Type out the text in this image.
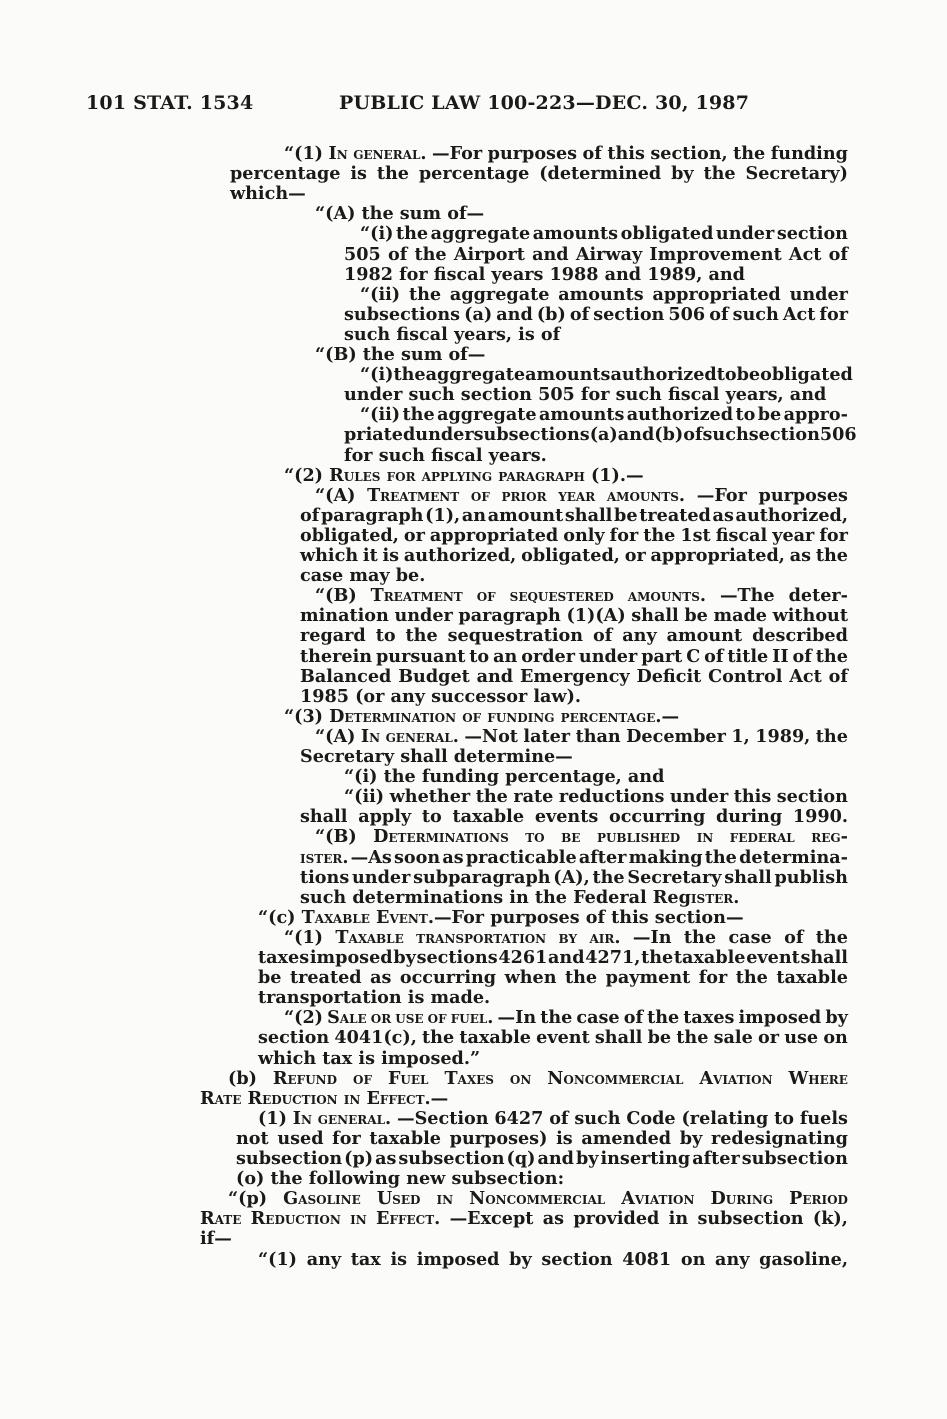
101 STAT. 1534	PUBLIC LAW 100-223—DEC. 30, 1987
“(1) In general. —For purposes of this section, the funding
percentage is the percentage (determined by the Secretary)
which—
“(A) the sum of—
“(i) the aggregate amounts obligated under section
505 of the Airport and Airway Improvement Act of
1982 for fiscal years 1988 and 1989, and
“(ii) the aggregate amounts appropriated under
subsections (a) and (b) of section 506 of such Act for
such fiscal years, is of
“(B) the sum of—
“(i) the aggregate amounts authorized to be obligated
under such section 505 for such fiscal years, and
“(ii) the aggregate amounts authorized to be appro-
priated under subsections (a) and (b) of such section 506
for such fiscal years.
“(2) Rules for applying paragraph (1).—
“(A) Treatment of prior year amounts. —For purposes
of paragraph (1), an amount shall be treated as authorized,
obligated, or appropriated only for the 1st fiscal year for
which it is authorized, obligated, or appropriated, as the
case may be.
“(B) Treatment of sequestered amounts. —The deter-
mination under paragraph (1)(A) shall be made without
regard to the sequestration of any amount described
therein pursuant to an order under part C of title II of the
Balanced Budget and Emergency Deficit Control Act of
1985 (or any successor law).
“(3) Determination of funding percentage.—
“(A) In general. —Not later than December 1, 1989, the
Secretary shall determine—
“(i) the funding percentage, and
“(ii) whether the rate reductions under this section
shall apply to taxable events occurring during 1990.
“(B) Determinations to be published in federal reg-
ister. —As soon as practicable after making the determina-
tions under subparagraph (A), the Secretary shall publish
such determinations in the Federal Register.
“(c) Taxable Event.—For purposes of this section—
“(1) Taxable transportation by air. —In the case of the
taxes imposed by sections 4261 and 4271, the taxable event shall
be treated as occurring when the payment for the taxable
transportation is made.
“(2) Sale or use of fuel. —In the case of the taxes imposed by
section 4041(c), the taxable event shall be the sale or use on
which tax is imposed.”
(b) Refund of Fuel Taxes on Noncommercial Aviation Where
Rate Reduction in Effect.—
(1) In general. —Section 6427 of such Code (relating to fuels
not used for taxable purposes) is amended by redesignating
subsection (p) as subsection (q) and by inserting after subsection
(o) the following new subsection:
“(p) Gasoline Used in Noncommercial Aviation During Period
Rate Reduction in Effect. —Except as provided in subsection (k),
if—
“(1) any tax is imposed by section 4081 on any gasoline,
